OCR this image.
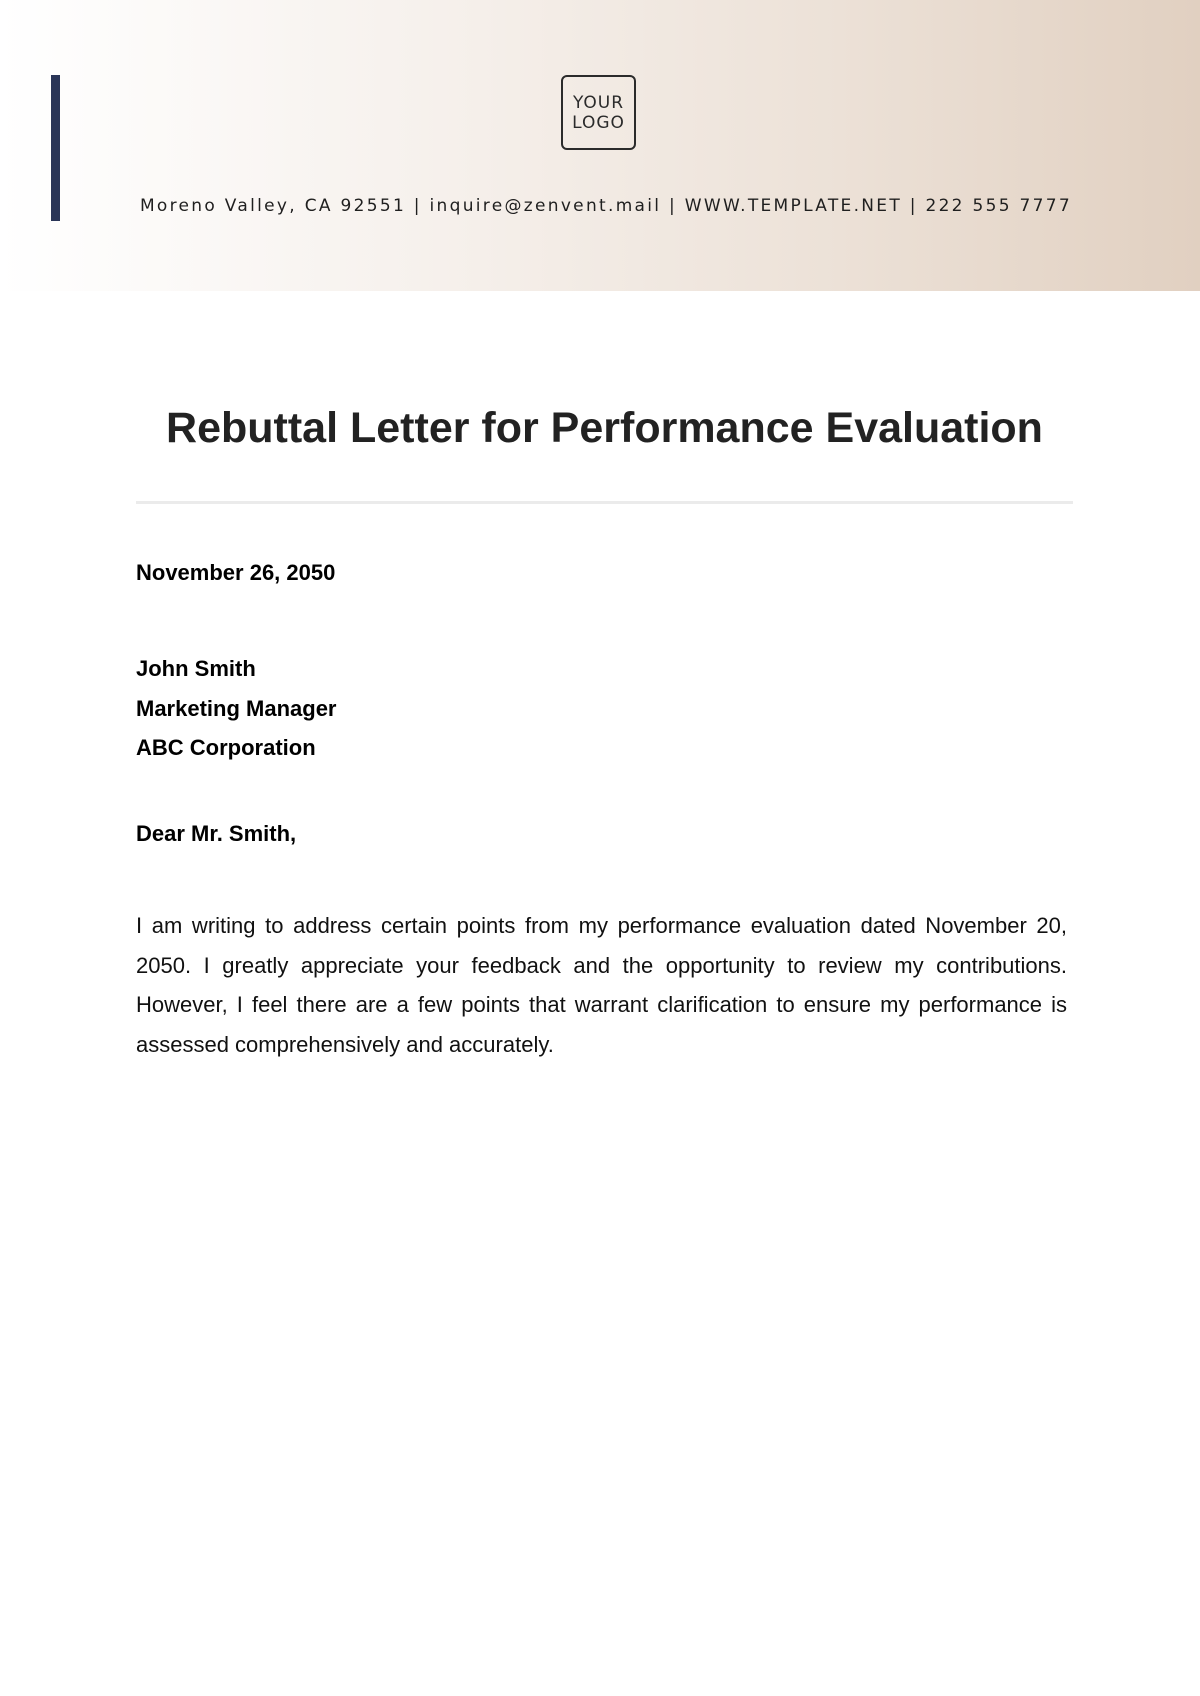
YOUR
LOGO
Moreno Valley, CA 92551 | inquire@zenvent.mail | WWW.TEMPLATE.NET | 222 555 7777
Rebuttal Letter for Performance Evaluation
November 26, 2050
John Smith
Marketing Manager
ABC Corporation
Dear Mr. Smith,

I am writing to address certain points from my performance evaluation dated November 20, 2050. I greatly appreciate your feedback and the opportunity to review my contributions. However, I feel there are a few points that warrant clarification to ensure my performance is assessed comprehensively and accurately.
